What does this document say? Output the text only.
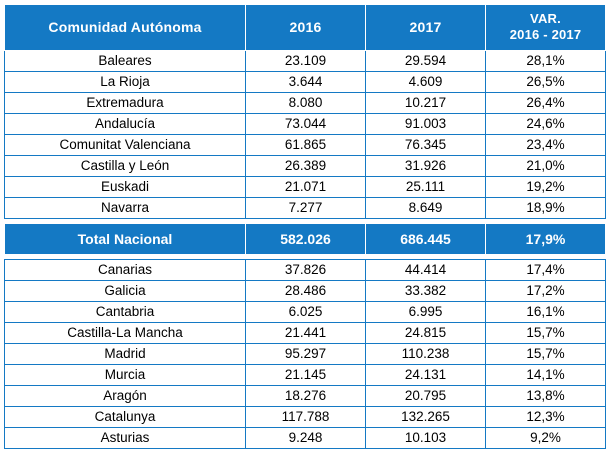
Comunidad Autónoma	2016	2017	VAR.
2016 - 2017

Baleares	23.109	29.594	28,1%
La Rioja	3.644	4.609	26,5%
Extremadura	8.080	10.217	26,4%
Andalucía	73.044	91.003	24,6%
Comunitat Valenciana	61.865	76.345	23,4%
Castilla y León	26.389	31.926	21,0%
Euskadi	21.071	25.111	19,2%
Navarra	7.277	8.649	18,9%

Total Nacional	582.026	686.445	17,9%

Canarias	37.826	44.414	17,4%
Galicia	28.486	33.382	17,2%
Cantabria	6.025	6.995	16,1%
Castilla-La Mancha	21.441	24.815	15,7%
Madrid	95.297	110.238	15,7%
Murcia	21.145	24.131	14,1%
Aragón	18.276	20.795	13,8%
Catalunya	117.788	132.265	12,3%
Asturias	9.248	10.103	9,2%
